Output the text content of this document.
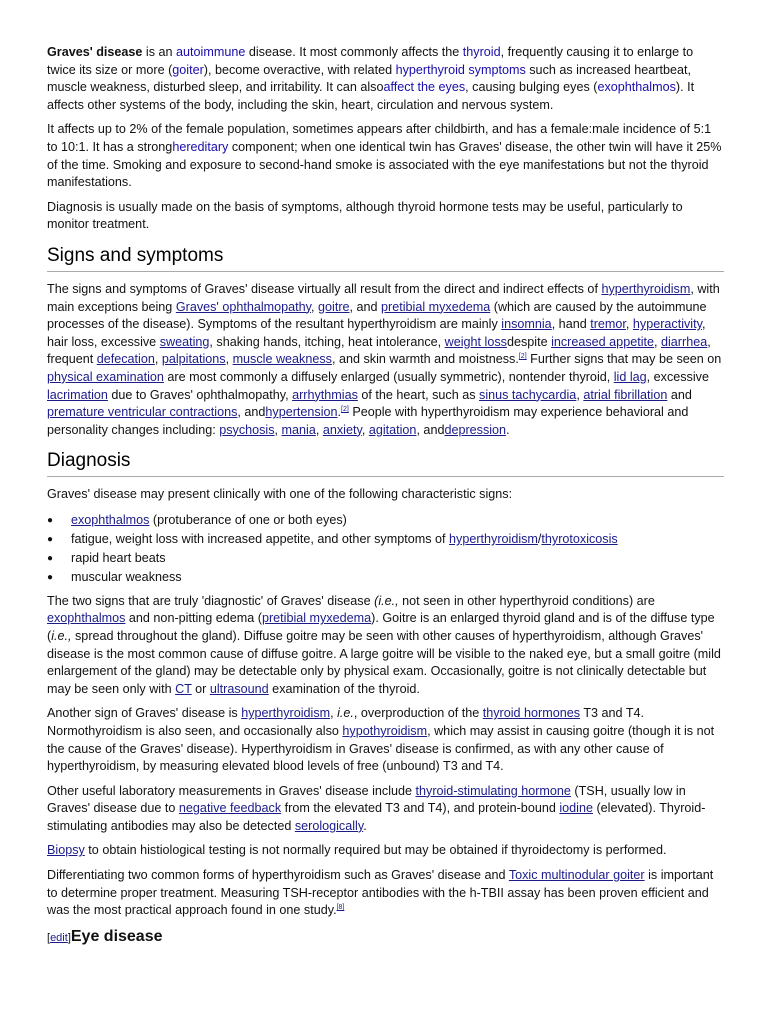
Graves' disease is an autoimmune disease. It most commonly affects the thyroid, frequently causing it to enlarge to twice its size or more (goiter), become overactive, with related hyperthyroid symptoms such as increased heartbeat, muscle weakness, disturbed sleep, and irritability. It can alsoaffect the eyes, causing bulging eyes (exophthalmos). It affects other systems of the body, including the skin, heart, circulation and nervous system.

It affects up to 2% of the female population, sometimes appears after childbirth, and has a female:male incidence of 5:1 to 10:1. It has a stronghereditary component; when one identical twin has Graves' disease, the other twin will have it 25% of the time. Smoking and exposure to second-hand smoke is associated with the eye manifestations but not the thyroid manifestations.

Diagnosis is usually made on the basis of symptoms, although thyroid hormone tests may be useful, particularly to monitor treatment.

Signs and symptoms

The signs and symptoms of Graves' disease virtually all result from the direct and indirect effects of hyperthyroidism, with main exceptions being Graves' ophthalmopathy, goitre, and pretibial myxedema (which are caused by the autoimmune processes of the disease). Symptoms of the resultant hyperthyroidism are mainly insomnia, hand tremor, hyperactivity, hair loss, excessive sweating, shaking hands, itching, heat intolerance, weight lossdespite increased appetite, diarrhea, frequent defecation, palpitations, muscle weakness, and skin warmth and moistness.[2] Further signs that may be seen on physical examination are most commonly a diffusely enlarged (usually symmetric), nontender thyroid, lid lag, excessive lacrimation due to Graves' ophthalmopathy, arrhythmias of the heart, such as sinus tachycardia, atrial fibrillation and premature ventricular contractions, andhypertension.[2] People with hyperthyroidism may experience behavioral and personality changes including: psychosis, mania, anxiety, agitation, anddepression.

Diagnosis

Graves' disease may present clinically with one of the following characteristic signs:

● exophthalmos (protuberance of one or both eyes)
● fatigue, weight loss with increased appetite, and other symptoms of hyperthyroidism/thyrotoxicosis
● rapid heart beats
● muscular weakness

The two signs that are truly 'diagnostic' of Graves' disease (i.e., not seen in other hyperthyroid conditions) are exophthalmos and non-pitting edema (pretibial myxedema). Goitre is an enlarged thyroid gland and is of the diffuse type (i.e., spread throughout the gland). Diffuse goitre may be seen with other causes of hyperthyroidism, although Graves' disease is the most common cause of diffuse goitre. A large goitre will be visible to the naked eye, but a small goitre (mild enlargement of the gland) may be detectable only by physical exam. Occasionally, goitre is not clinically detectable but may be seen only with CT or ultrasound examination of the thyroid.

Another sign of Graves' disease is hyperthyroidism, i.e., overproduction of the thyroid hormones T3 and T4. Normothyroidism is also seen, and occasionally also hypothyroidism, which may assist in causing goitre (though it is not the cause of the Graves' disease). Hyperthyroidism in Graves' disease is confirmed, as with any other cause of hyperthyroidism, by measuring elevated blood levels of free (unbound) T3 and T4.

Other useful laboratory measurements in Graves' disease include thyroid-stimulating hormone (TSH, usually low in Graves' disease due to negative feedback from the elevated T3 and T4), and protein-bound iodine (elevated). Thyroid-stimulating antibodies may also be detected serologically.

Biopsy to obtain histiological testing is not normally required but may be obtained if thyroidectomy is performed.

Differentiating two common forms of hyperthyroidism such as Graves' disease and Toxic multinodular goiter is important to determine proper treatment. Measuring TSH-receptor antibodies with the h-TBII assay has been proven efficient and was the most practical approach found in one study.[8]

[edit]Eye disease
